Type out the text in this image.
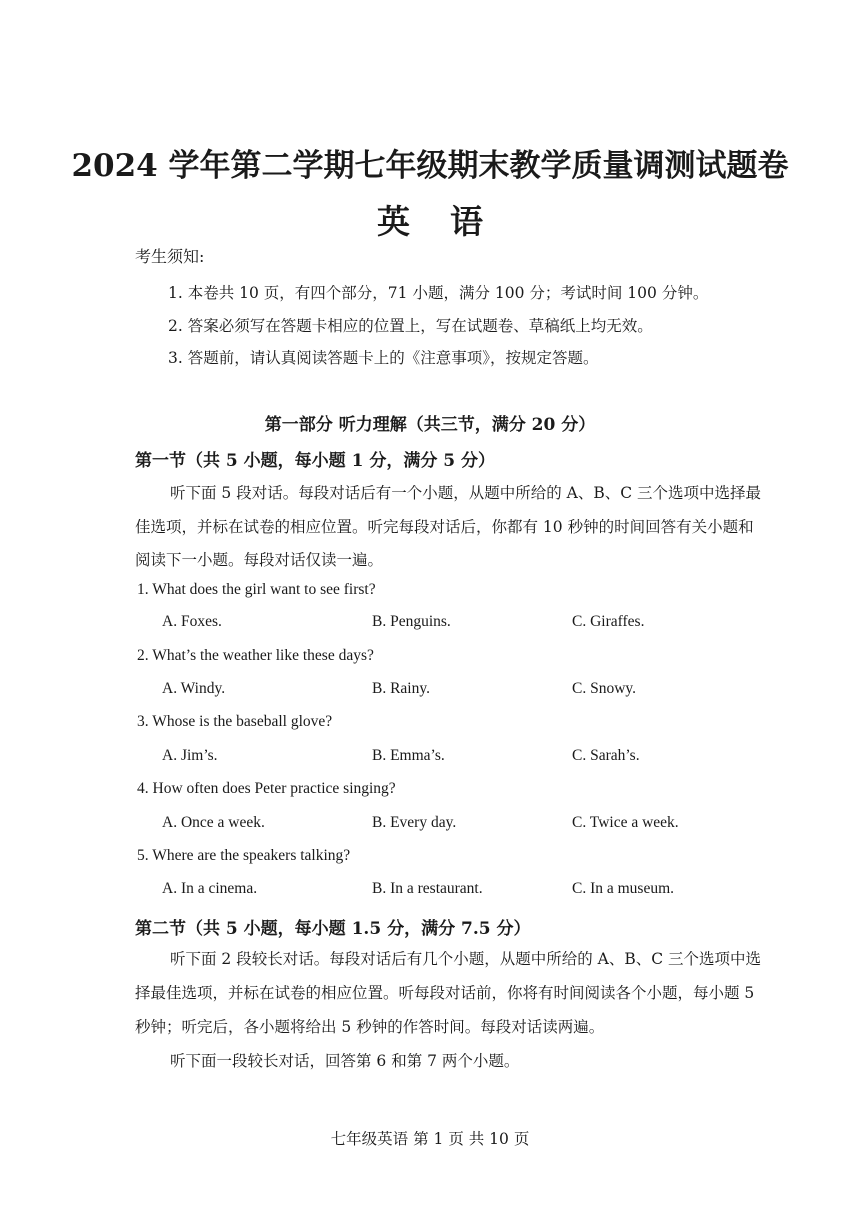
2024 学年第二学期七年级期末教学质量调测试题卷
英语
考生须知:
1. 本卷共 10 页，有四个部分，71 小题，满分 100 分；考试时间 100 分钟。
2. 答案必须写在答题卡相应的位置上，写在试题卷、草稿纸上均无效。
3. 答题前，请认真阅读答题卡上的《注意事项》，按规定答题。
第一部分 听力理解（共三节，满分 20 分）
第一节（共 5 小题，每小题 1 分，满分 5 分）
听下面 5 段对话。每段对话后有一个小题，从题中所给的 A、B、C 三个选项中选择最
佳选项，并标在试卷的相应位置。听完每段对话后，你都有 10 秒钟的时间回答有关小题和
阅读下一小题。每段对话仅读一遍。
1. What does the girl want to see first?
A. Foxes.	B. Penguins.	C. Giraffes.
2. What’s the weather like these days?
A. Windy.	B. Rainy.	C. Snowy.
3. Whose is the baseball glove?
A. Jim’s.	B. Emma’s.	C. Sarah’s.
4. How often does Peter practice singing?
A. Once a week.	B. Every day.	C. Twice a week.
5. Where are the speakers talking?
A. In a cinema.	B. In a restaurant.	C. In a museum.
第二节（共 5 小题，每小题 1.5 分，满分 7.5 分）
听下面 2 段较长对话。每段对话后有几个小题，从题中所给的 A、B、C 三个选项中选
择最佳选项，并标在试卷的相应位置。听每段对话前，你将有时间阅读各个小题，每小题 5
秒钟；听完后，各小题将给出 5 秒钟的作答时间。每段对话读两遍。
听下面一段较长对话，回答第 6 和第 7 两个小题。
七年级英语 第 1 页 共 10 页
